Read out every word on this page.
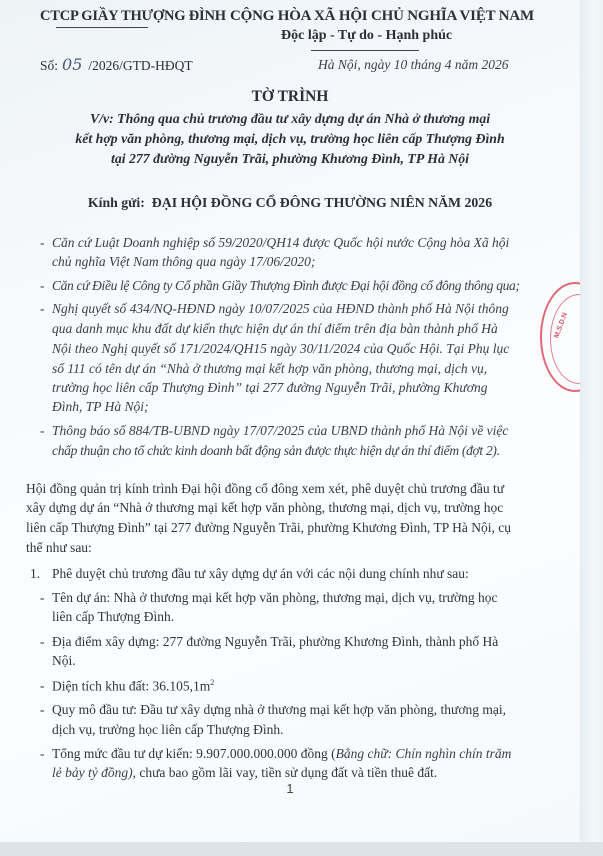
CTCP GIẦY THƯỢNG ĐÌNH CỘNG HÒA XÃ HỘI CHỦ NGHĨA VIỆT NAM
Độc lập - Tự do - Hạnh phúc
Số: 05 /2026/GTD-HĐQT	Hà Nội, ngày 10 tháng 4 năm 2026
TỜ TRÌNH
V/v: Thông qua chủ trương đầu tư xây dựng dự án Nhà ở thương mại
kết hợp văn phòng, thương mại, dịch vụ, trường học liên cấp Thượng Đình
tại 277 đường Nguyễn Trãi, phường Khương Đình, TP Hà Nội
Kính gửi: ĐẠI HỘI ĐỒNG CỔ ĐÔNG THƯỜNG NIÊN NĂM 2026
- Căn cứ Luật Doanh nghiệp số 59/2020/QH14 được Quốc hội nước Cộng hòa Xã hội
chủ nghĩa Việt Nam thông qua ngày 17/06/2020;
- Căn cứ Điều lệ Công ty Cổ phần Giầy Thượng Đình được Đại hội đồng cổ đông thông qua;
- Nghị quyết số 434/NQ-HĐND ngày 10/07/2025 của HĐND thành phố Hà Nội thông
qua danh mục khu đất dự kiến thực hiện dự án thí điểm trên địa bàn thành phố Hà
Nội theo Nghị quyết số 171/2024/QH15 ngày 30/11/2024 của Quốc Hội. Tại Phụ lục
số 111 có tên dự án “Nhà ở thương mại kết hợp văn phòng, thương mại, dịch vụ,
trường học liên cấp Thượng Đình” tại 277 đường Nguyễn Trãi, phường Khương
Đình, TP Hà Nội;
- Thông báo số 884/TB-UBND ngày 17/07/2025 của UBND thành phố Hà Nội về việc
chấp thuận cho tổ chức kinh doanh bất động sản được thực hiện dự án thí điểm (đợt 2).
Hội đồng quản trị kính trình Đại hội đồng cổ đông xem xét, phê duyệt chủ trương đầu tư
xây dựng dự án “Nhà ở thương mại kết hợp văn phòng, thương mại, dịch vụ, trường học
liên cấp Thượng Đình” tại 277 đường Nguyễn Trãi, phường Khương Đình, TP Hà Nội, cụ
thể như sau:
1. Phê duyệt chủ trương đầu tư xây dựng dự án với các nội dung chính như sau:
- Tên dự án: Nhà ở thương mại kết hợp văn phòng, thương mại, dịch vụ, trường học
liên cấp Thượng Đình.
- Địa điểm xây dựng: 277 đường Nguyễn Trãi, phường Khương Đình, thành phố Hà
Nội.
- Diện tích khu đất: $36.105,1m^2$
- Quy mô đầu tư: Đầu tư xây dựng nhà ở thương mại kết hợp văn phòng, thương mại,
dịch vụ, trường học liên cấp Thượng Đình.
- Tổng mức đầu tư dự kiến: 9.907.000.000.000 đồng (Bằng chữ: Chín nghìn chín trăm
lẻ bảy tỷ đồng), chưa bao gồm lãi vay, tiền sử dụng đất và tiền thuê đất.
1
M.S.D.N
